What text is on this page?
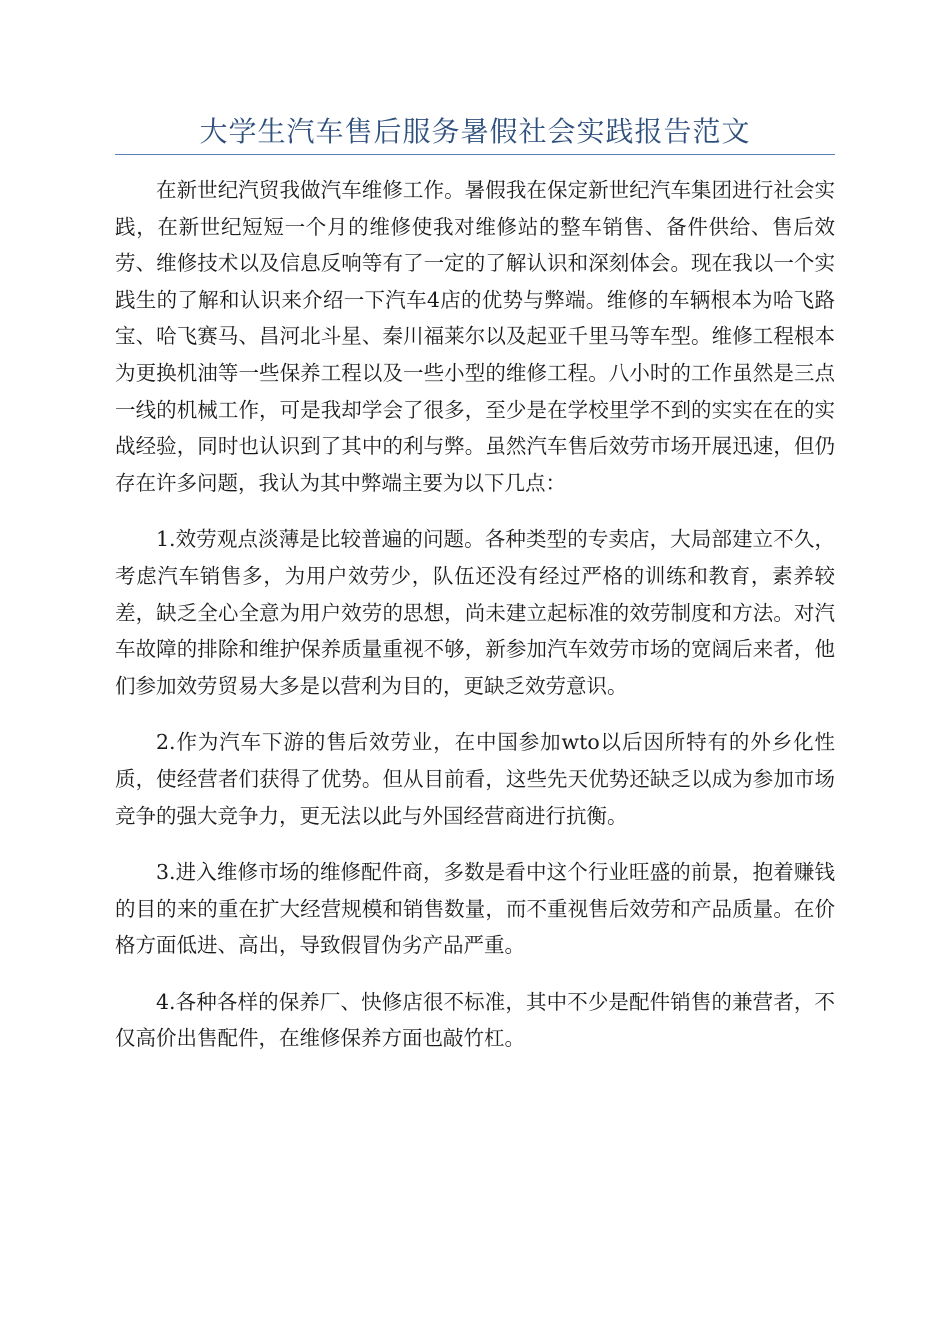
大学生汽车售后服务暑假社会实践报告范文

在新世纪汽贸我做汽车维修工作。暑假我在保定新世纪汽车集团进行社会实践，在新世纪短短一个月的维修使我对维修站的整车销售、备件供给、售后效劳、维修技术以及信息反响等有了一定的了解认识和深刻体会。现在我以一个实践生的了解和认识来介绍一下汽车4店的优势与弊端。维修的车辆根本为哈飞路宝、哈飞赛马、昌河北斗星、秦川福莱尔以及起亚千里马等车型。维修工程根本为更换机油等一些保养工程以及一些小型的维修工程。八小时的工作虽然是三点一线的机械工作，可是我却学会了很多，至少是在学校里学不到的实实在在的实战经验，同时也认识到了其中的利与弊。虽然汽车售后效劳市场开展迅速，但仍存在许多问题，我认为其中弊端主要为以下几点：

1.效劳观点淡薄是比较普遍的问题。各种类型的专卖店，大局部建立不久，考虑汽车销售多，为用户效劳少，队伍还没有经过严格的训练和教育，素养较差，缺乏全心全意为用户效劳的思想，尚未建立起标准的效劳制度和方法。对汽车故障的排除和维护保养质量重视不够，新参加汽车效劳市场的宽阔后来者，他们参加效劳贸易大多是以营利为目的，更缺乏效劳意识。

2.作为汽车下游的售后效劳业，在中国参加wto以后因所特有的外乡化性质，使经营者们获得了优势。但从目前看，这些先天优势还缺乏以成为参加市场竞争的强大竞争力，更无法以此与外国经营商进行抗衡。

3.进入维修市场的维修配件商，多数是看中这个行业旺盛的前景，抱着赚钱的目的来的重在扩大经营规模和销售数量，而不重视售后效劳和产品质量。在价格方面低进、高出，导致假冒伪劣产品严重。

4.各种各样的保养厂、快修店很不标准，其中不少是配件销售的兼营者，不仅高价出售配件，在维修保养方面也敲竹杠。
